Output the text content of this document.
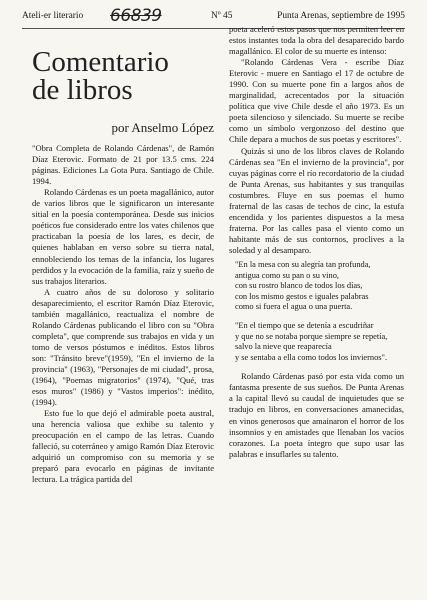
Ateli-er literario 66839	Nº 45	Punta Arenas, septiembre de 1995
Comentario
de libros
por Anselmo López

"Obra Completa de Rolando Cárdenas", de Ramón Díaz Eterovic. Formato de 21 por 13.5 cms. 224 páginas. Ediciones La Gota Pura. Santiago de Chile. 1994.

Rolando Cárdenas es un poeta magallánico, autor de varios libros que le significaron un interesante sitial en la poesía contemporánea. Desde sus inicios poéticos fue considerado entre los vates chilenos que practicaban la poesía de los lares, es decir, de quienes hablaban en verso sobre su tierra natal, ennobleciendo los temas de la infancia, los lugares perdidos y la evocación de la familia, raíz y sueño de sus trabajos literarios.

A cuatro años de su doloroso y solitario desaparecimiento, el escritor Ramón Díaz Eterovic, también magallánico, reactualiza el nombre de Rolando Cárdenas publicando el libro con su "Obra completa", que comprende sus trabajos en vida y un tomo de versos póstumos e inéditos. Estos libros son: "Tránsito breve"(1959), "En el invierno de la provincia" (1963), "Personajes de mi ciudad", prosa, (1964), "Poemas migratorios" (1974), "Qué, tras esos muros" (1986) y "Vastos imperios": inédito, (1994).

Esto fue lo que dejó el admirable poeta austral, una herencia valiosa que exhibe su talento y preocupación en el campo de las letras. Cuando falleció, su coterráneo y amigo Ramón Díaz Eterovic adquirió un compromiso con su memoria y se preparó para evocarlo en páginas de invitante lectura. La trágica partida del

poeta aceleró estos pasos que nos permiten leer en estos instantes toda la obra del desaparecido bardo magallánico. El color de su muerte es intenso:

"Rolando Cárdenas Vera - escribe Díaz Eterovic - muere en Santiago el 17 de octubre de 1990. Con su muerte pone fin a largos años de marginalidad, acrecentados por la situación política que vive Chile desde el año 1973. Es un poeta silencioso y silenciado. Su muerte se recibe como un símbolo vergonzoso del destino que Chile depara a muchos de sus poetas y escritores".

Quizás si uno de los libros claves de Rolando Cárdenas sea "En el invierno de la provincia", por cuyas páginas corre el río recordatorio de la ciudad de Punta Arenas, sus habitantes y sus tranquilas costumbres. Fluye en sus poemas el humo fraternal de las casas de techos de cinc, la estufa encendida y los parientes dispuestos a la mesa fraterna. Por las calles pasa el viento como un habitante más de sus contornos, proclives a la soledad y al desamparo.

"En la mesa con su alegría tan profunda,
antigua como su pan o su vino,
con su rostro blanco de todos los días,
con los mismo gestos e iguales palabras
como si fuera el agua o una puerta.
"En el tiempo que se detenía a escudriñar
y que no se notaba porque siempre se repetía,
salvo la nieve que reaparecía
y se sentaba a ella como todos los inviernos".

Rolando Cárdenas pasó por esta vida como un fantasma presente de sus sueños. De Punta Arenas a la capital llevó su caudal de inquietudes que se tradujo en libros, en conversaciones amanecidas, en vinos generosos que amainaron el horror de los insomnios y en amistades que llenaban los vacíos corazones. La poeta íntegro que supo usar las palabras e insuflarles su talento.
